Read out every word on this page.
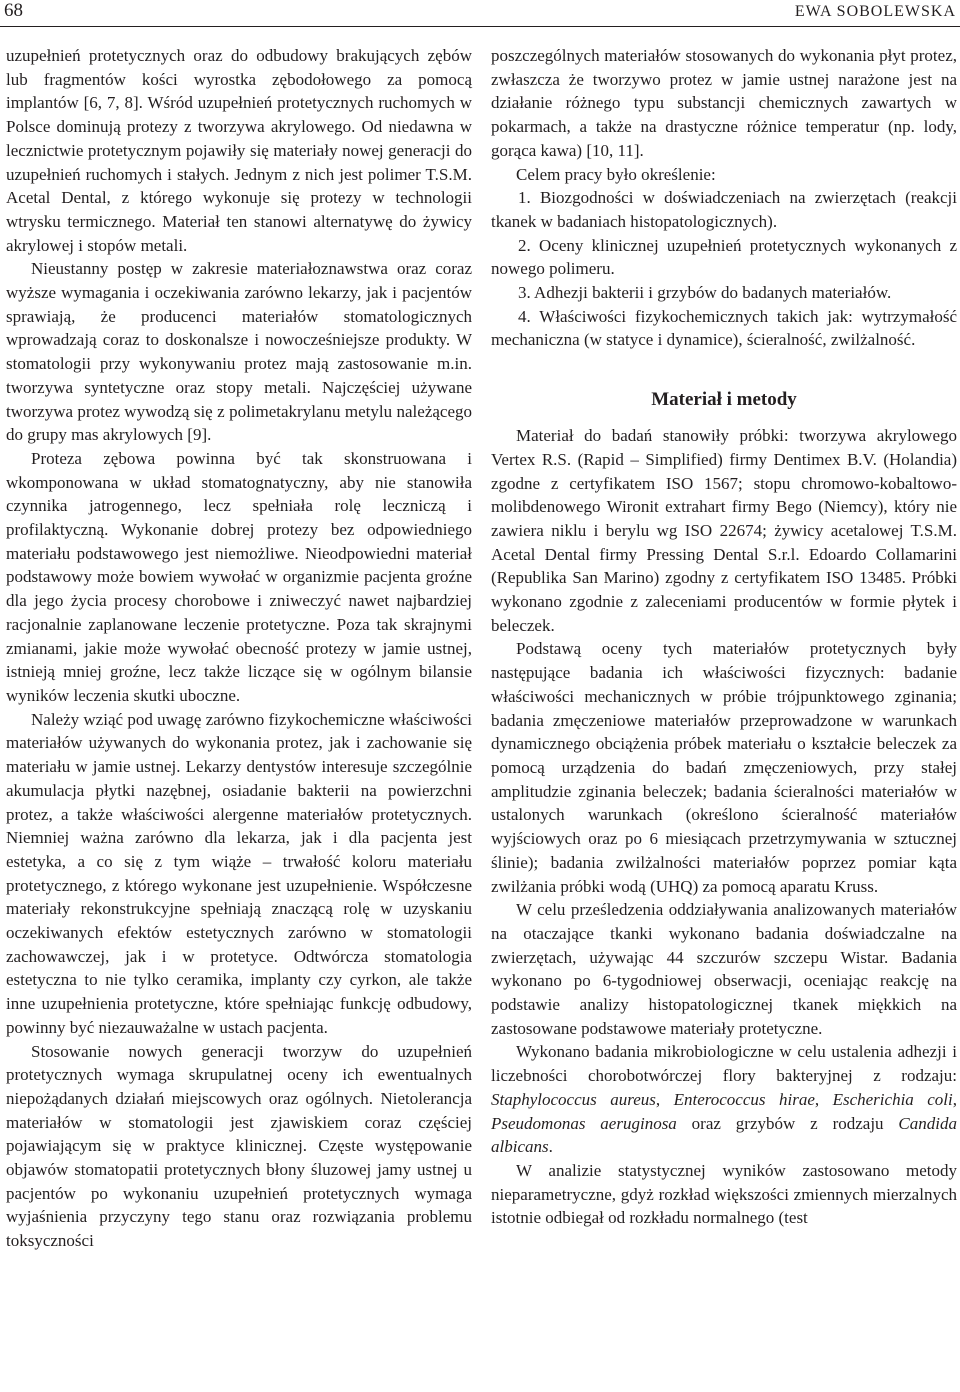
68	EWA SOBOLEWSKA

uzupełnień protetycznych oraz do odbudowy brakujących zębów lub fragmentów kości wyrostka zębodołowego za pomocą implantów [6, 7, 8]. Wśród uzupełnień protetycznych ruchomych w Polsce dominują protezy z tworzywa akrylowego. Od niedawna w lecznictwie protetycznym pojawiły się materiały nowej generacji do uzupełnień ruchomych i stałych. Jednym z nich jest polimer T.S.M. Acetal Dental, z którego wykonuje się protezy w technologii wtrysku termicznego. Materiał ten stanowi alternatywę do żywicy akrylowej i stopów metali.

Nieustanny postęp w zakresie materiałoznawstwa oraz coraz wyższe wymagania i oczekiwania zarówno lekarzy, jak i pacjentów sprawiają, że producenci materiałów stomatologicznych wprowadzają coraz to doskonalsze i nowocześniejsze produkty. W stomatologii przy wykonywaniu protez mają zastosowanie m.in. tworzywa syntetyczne oraz stopy metali. Najczęściej używane tworzywa protez wywodzą się z polimetakrylanu metylu należącego do grupy mas akrylowych [9].

Proteza zębowa powinna być tak skonstruowana i wkomponowana w układ stomatognatyczny, aby nie stanowiła czynnika jatrogennego, lecz spełniała rolę leczniczą i profilaktyczną. Wykonanie dobrej protezy bez odpowiedniego materiału podstawowego jest niemożliwe. Nieodpowiedni materiał podstawowy może bowiem wywołać w organizmie pacjenta groźne dla jego życia procesy chorobowe i zniweczyć nawet najbardziej racjonalnie zaplanowane leczenie protetyczne. Poza tak skrajnymi zmianami, jakie może wywołać obecność protezy w jamie ustnej, istnieją mniej groźne, lecz także liczące się w ogólnym bilansie wyników leczenia skutki uboczne.

Należy wziąć pod uwagę zarówno fizykochemiczne właściwości materiałów używanych do wykonania protez, jak i zachowanie się materiału w jamie ustnej. Lekarzy dentystów interesuje szczególnie akumulacja płytki nazębnej, osiadanie bakterii na powierzchni protez, a także właściwości alergenne materiałów protetycznych. Niemniej ważna zarówno dla lekarza, jak i dla pacjenta jest estetyka, a co się z tym wiąże – trwałość koloru materiału protetycznego, z którego wykonane jest uzupełnienie. Współczesne materiały rekonstrukcyjne spełniają znaczącą rolę w uzyskaniu oczekiwanych efektów estetycznych zarówno w stomatologii zachowawczej, jak i w protetyce. Odtwórcza stomatologia estetyczna to nie tylko ceramika, implanty czy cyrkon, ale także inne uzupełnienia protetyczne, które spełniając funkcję odbudowy, powinny być niezauważalne w ustach pacjenta.

Stosowanie nowych generacji tworzyw do uzupełnień protetycznych wymaga skrupulatnej oceny ich ewentualnych niepożądanych działań miejscowych oraz ogólnych. Nietolerancja materiałów w stomatologii jest zjawiskiem coraz częściej pojawiającym się w praktyce klinicznej. Częste występowanie objawów stomatopatii protetycznych błony śluzowej jamy ustnej u pacjentów po wykonaniu uzupełnień protetycznych wymaga wyjaśnienia przyczyny tego stanu oraz rozwiązania problemu toksyczności

poszczególnych materiałów stosowanych do wykonania płyt protez, zwłaszcza że tworzywo protez w jamie ustnej narażone jest na działanie różnego typu substancji chemicznych zawartych w pokarmach, a także na drastyczne różnice temperatur (np. lody, gorąca kawa) [10, 11].

Celem pracy było określenie:

1. Biozgodności w doświadczeniach na zwierzętach (reakcji tkanek w badaniach histopatologicznych).

2. Oceny klinicznej uzupełnień protetycznych wykonanych z nowego polimeru.

3. Adhezji bakterii i grzybów do badanych materiałów.

4. Właściwości fizykochemicznych takich jak: wytrzymałość mechaniczna (w statyce i dynamice), ścieralność, zwilżalność.

Materiał i metody

Materiał do badań stanowiły próbki: tworzywa akrylowego Vertex R.S. (Rapid – Simplified) firmy Dentimex B.V. (Holandia) zgodne z certyfikatem ISO 1567; stopu chromowo-kobaltowo-molibdenowego Wironit extrahart firmy Bego (Niemcy), który nie zawiera niklu i berylu wg ISO 22674; żywicy acetalowej T.S.M. Acetal Dental firmy Pressing Dental S.r.l. Edoardo Collamarini (Republika San Marino) zgodny z certyfikatem ISO 13485. Próbki wykonano zgodnie z zaleceniami producentów w formie płytek i beleczek.

Podstawą oceny tych materiałów protetycznych były następujące badania ich właściwości fizycznych: badanie właściwości mechanicznych w próbie trójpunktowego zginania; badania zmęczeniowe materiałów przeprowadzone w warunkach dynamicznego obciążenia próbek materiału o kształcie beleczek za pomocą urządzenia do badań zmęczeniowych, przy stałej amplitudzie zginania beleczek; badania ścieralności materiałów w ustalonych warunkach (określono ścieralność materiałów wyjściowych oraz po 6 miesiącach przetrzymywania w sztucznej ślinie); badania zwilżalności materiałów poprzez pomiar kąta zwilżania próbki wodą (UHQ) za pomocą aparatu Kruss.

W celu prześledzenia oddziaływania analizowanych materiałów na otaczające tkanki wykonano badania doświadczalne na zwierzętach, używając 44 szczurów szczepu Wistar. Badania wykonano po 6-tygodniowej obserwacji, oceniając reakcję na podstawie analizy histopatologicznej tkanek miękkich na zastosowane podstawowe materiały protetyczne.

Wykonano badania mikrobiologiczne w celu ustalenia adhezji i liczebności chorobotwórczej flory bakteryjnej z rodzaju: Staphylococcus aureus, Enterococcus hirae, Escherichia coli, Pseudomonas aeruginosa oraz grzybów z rodzaju Candida albicans.

W analizie statystycznej wyników zastosowano metody nieparametryczne, gdyż rozkład większości zmiennych mierzalnych istotnie odbiegał od rozkładu normalnego (test
